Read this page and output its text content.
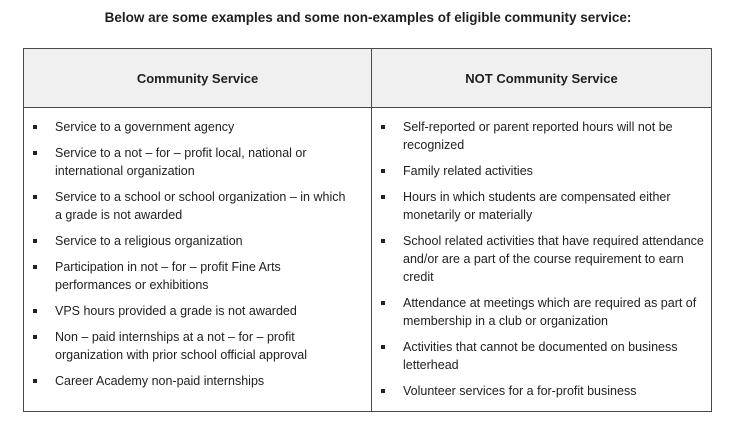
Below are some examples and some non-examples of eligible community service:
Community Service	NOT Community Service
Service to a government agency
Service to a not – for – profit local, national or international organization
Service to a school or school organization – in which a grade is not awarded
Service to a religious organization
Participation in not – for – profit Fine Arts performances or exhibitions
VPS hours provided a grade is not awarded
Non – paid internships at a not – for – profit organization with prior school official approval
Career Academy non-paid internships
Self-reported or parent reported hours will not be recognized
Family related activities
Hours in which students are compensated either monetarily or materially
School related activities that have required attendance and/or are a part of the course requirement to earn credit
Attendance at meetings which are required as part of membership in a club or organization
Activities that cannot be documented on business letterhead
Volunteer services for a for-profit business
